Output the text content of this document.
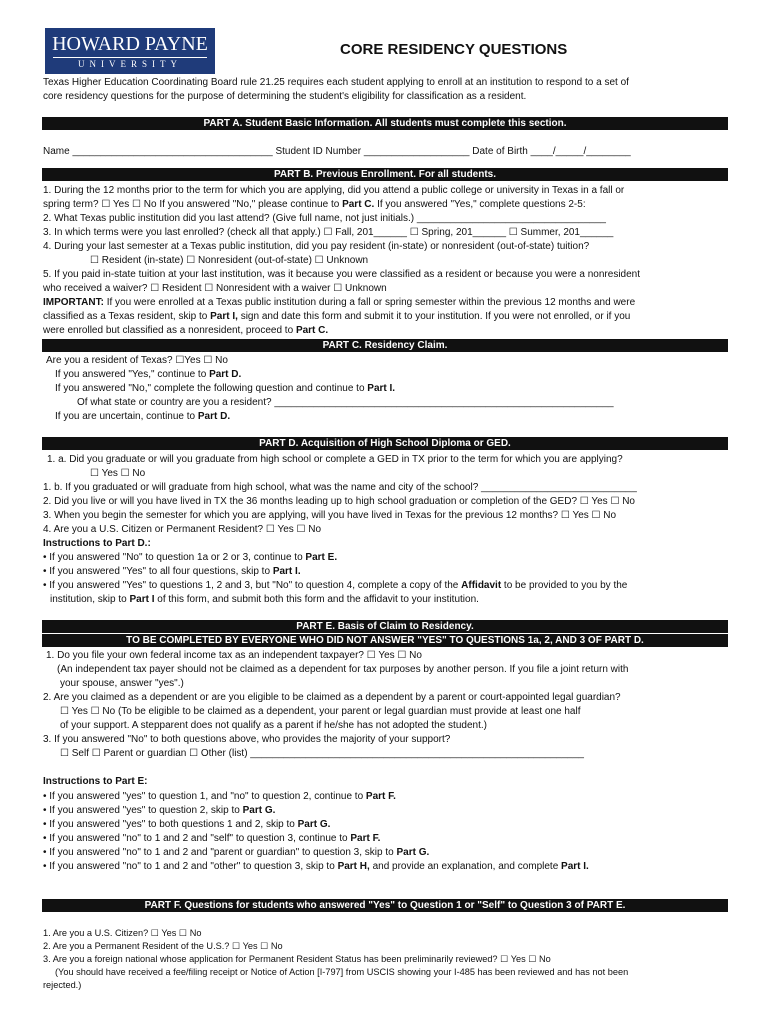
HOWARD PAYNE
UNIVERSITY
CORE RESIDENCY QUESTIONS
Texas Higher Education Coordinating Board rule 21.25 requires each student applying to enroll at an institution to respond to a set of
core residency questions for the purpose of determining the student's eligibility for classification as a resident.
PART A. Student Basic Information. All students must complete this section.
Name ____________________________________ Student ID Number ___________________ Date of Birth ____/_____/________
PART B. Previous Enrollment. For all students.
1. During the 12 months prior to the term for which you are applying, did you attend a public college or university in Texas in a fall or
spring term? ☐ Yes ☐ No If you answered "No," please continue to Part C. If you answered "Yes," complete questions 2-5:
2. What Texas public institution did you last attend? (Give full name, not just initials.) __________________________________
3. In which terms were you last enrolled? (check all that apply.) ☐ Fall, 201______ ☐ Spring, 201______ ☐ Summer, 201______
4. During your last semester at a Texas public institution, did you pay resident (in-state) or nonresident (out-of-state) tuition?
☐ Resident (in-state) ☐ Nonresident (out-of-state) ☐ Unknown
5. If you paid in-state tuition at your last institution, was it because you were classified as a resident or because you were a nonresident
who received a waiver? ☐ Resident ☐ Nonresident with a waiver ☐ Unknown
IMPORTANT: If you were enrolled at a Texas public institution during a fall or spring semester within the previous 12 months and were
classified as a Texas resident, skip to Part I, sign and date this form and submit it to your institution. If you were not enrolled, or if you
were enrolled but classified as a nonresident, proceed to Part C.
PART C. Residency Claim.
Are you a resident of Texas? ☐Yes ☐ No
If you answered "Yes," continue to Part D.
If you answered "No," complete the following question and continue to Part I.
Of what state or country are you a resident? _____________________________________________________________
If you are uncertain, continue to Part D.
PART D. Acquisition of High School Diploma or GED.
1. a. Did you graduate or will you graduate from high school or complete a GED in TX prior to the term for which you are applying?
☐ Yes ☐ No
1. b. If you graduated or will graduate from high school, what was the name and city of the school? ____________________________
2. Did you live or will you have lived in TX the 36 months leading up to high school graduation or completion of the GED? ☐ Yes ☐ No
3. When you begin the semester for which you are applying, will you have lived in Texas for the previous 12 months? ☐ Yes ☐ No
4. Are you a U.S. Citizen or Permanent Resident? ☐ Yes ☐ No
Instructions to Part D.:
• If you answered "No" to question 1a or 2 or 3, continue to Part E.
• If you answered "Yes" to all four questions, skip to Part I.
• If you answered "Yes" to questions 1, 2 and 3, but "No" to question 4, complete a copy of the Affidavit to be provided to you by the
institution, skip to Part I of this form, and submit both this form and the affidavit to your institution.
PART E. Basis of Claim to Residency.
TO BE COMPLETED BY EVERYONE WHO DID NOT ANSWER "YES" TO QUESTIONS 1a, 2, AND 3 OF PART D.
1. Do you file your own federal income tax as an independent taxpayer? ☐ Yes ☐ No
(An independent tax payer should not be claimed as a dependent for tax purposes by another person. If you file a joint return with
your spouse, answer "yes".)
2. Are you claimed as a dependent or are you eligible to be claimed as a dependent by a parent or court-appointed legal guardian?
☐ Yes ☐ No (To be eligible to be claimed as a dependent, your parent or legal guardian must provide at least one half
of your support. A stepparent does not qualify as a parent if he/she has not adopted the student.)
3. If you answered "No" to both questions above, who provides the majority of your support?
☐ Self ☐ Parent or guardian ☐ Other (list) ____________________________________________________________
Instructions to Part E:
• If you answered "yes" to question 1, and "no" to question 2, continue to Part F.
• If you answered "yes" to question 2, skip to Part G.
• If you answered "yes" to both questions 1 and 2, skip to Part G.
• If you answered "no" to 1 and 2 and "self" to question 3, continue to Part F.
• If you answered "no" to 1 and 2 and "parent or guardian" to question 3, skip to Part G.
• If you answered "no" to 1 and 2 and "other" to question 3, skip to Part H, and provide an explanation, and complete Part I.
PART F. Questions for students who answered "Yes" to Question 1 or "Self" to Question 3 of PART E.
1. Are you a U.S. Citizen? ☐ Yes ☐ No
2. Are you a Permanent Resident of the U.S.? ☐ Yes ☐ No
3. Are you a foreign national whose application for Permanent Resident Status has been preliminarily reviewed? ☐ Yes ☐ No
(You should have received a fee/filing receipt or Notice of Action [I-797] from USCIS showing your I-485 has been reviewed and has not been
rejected.)
